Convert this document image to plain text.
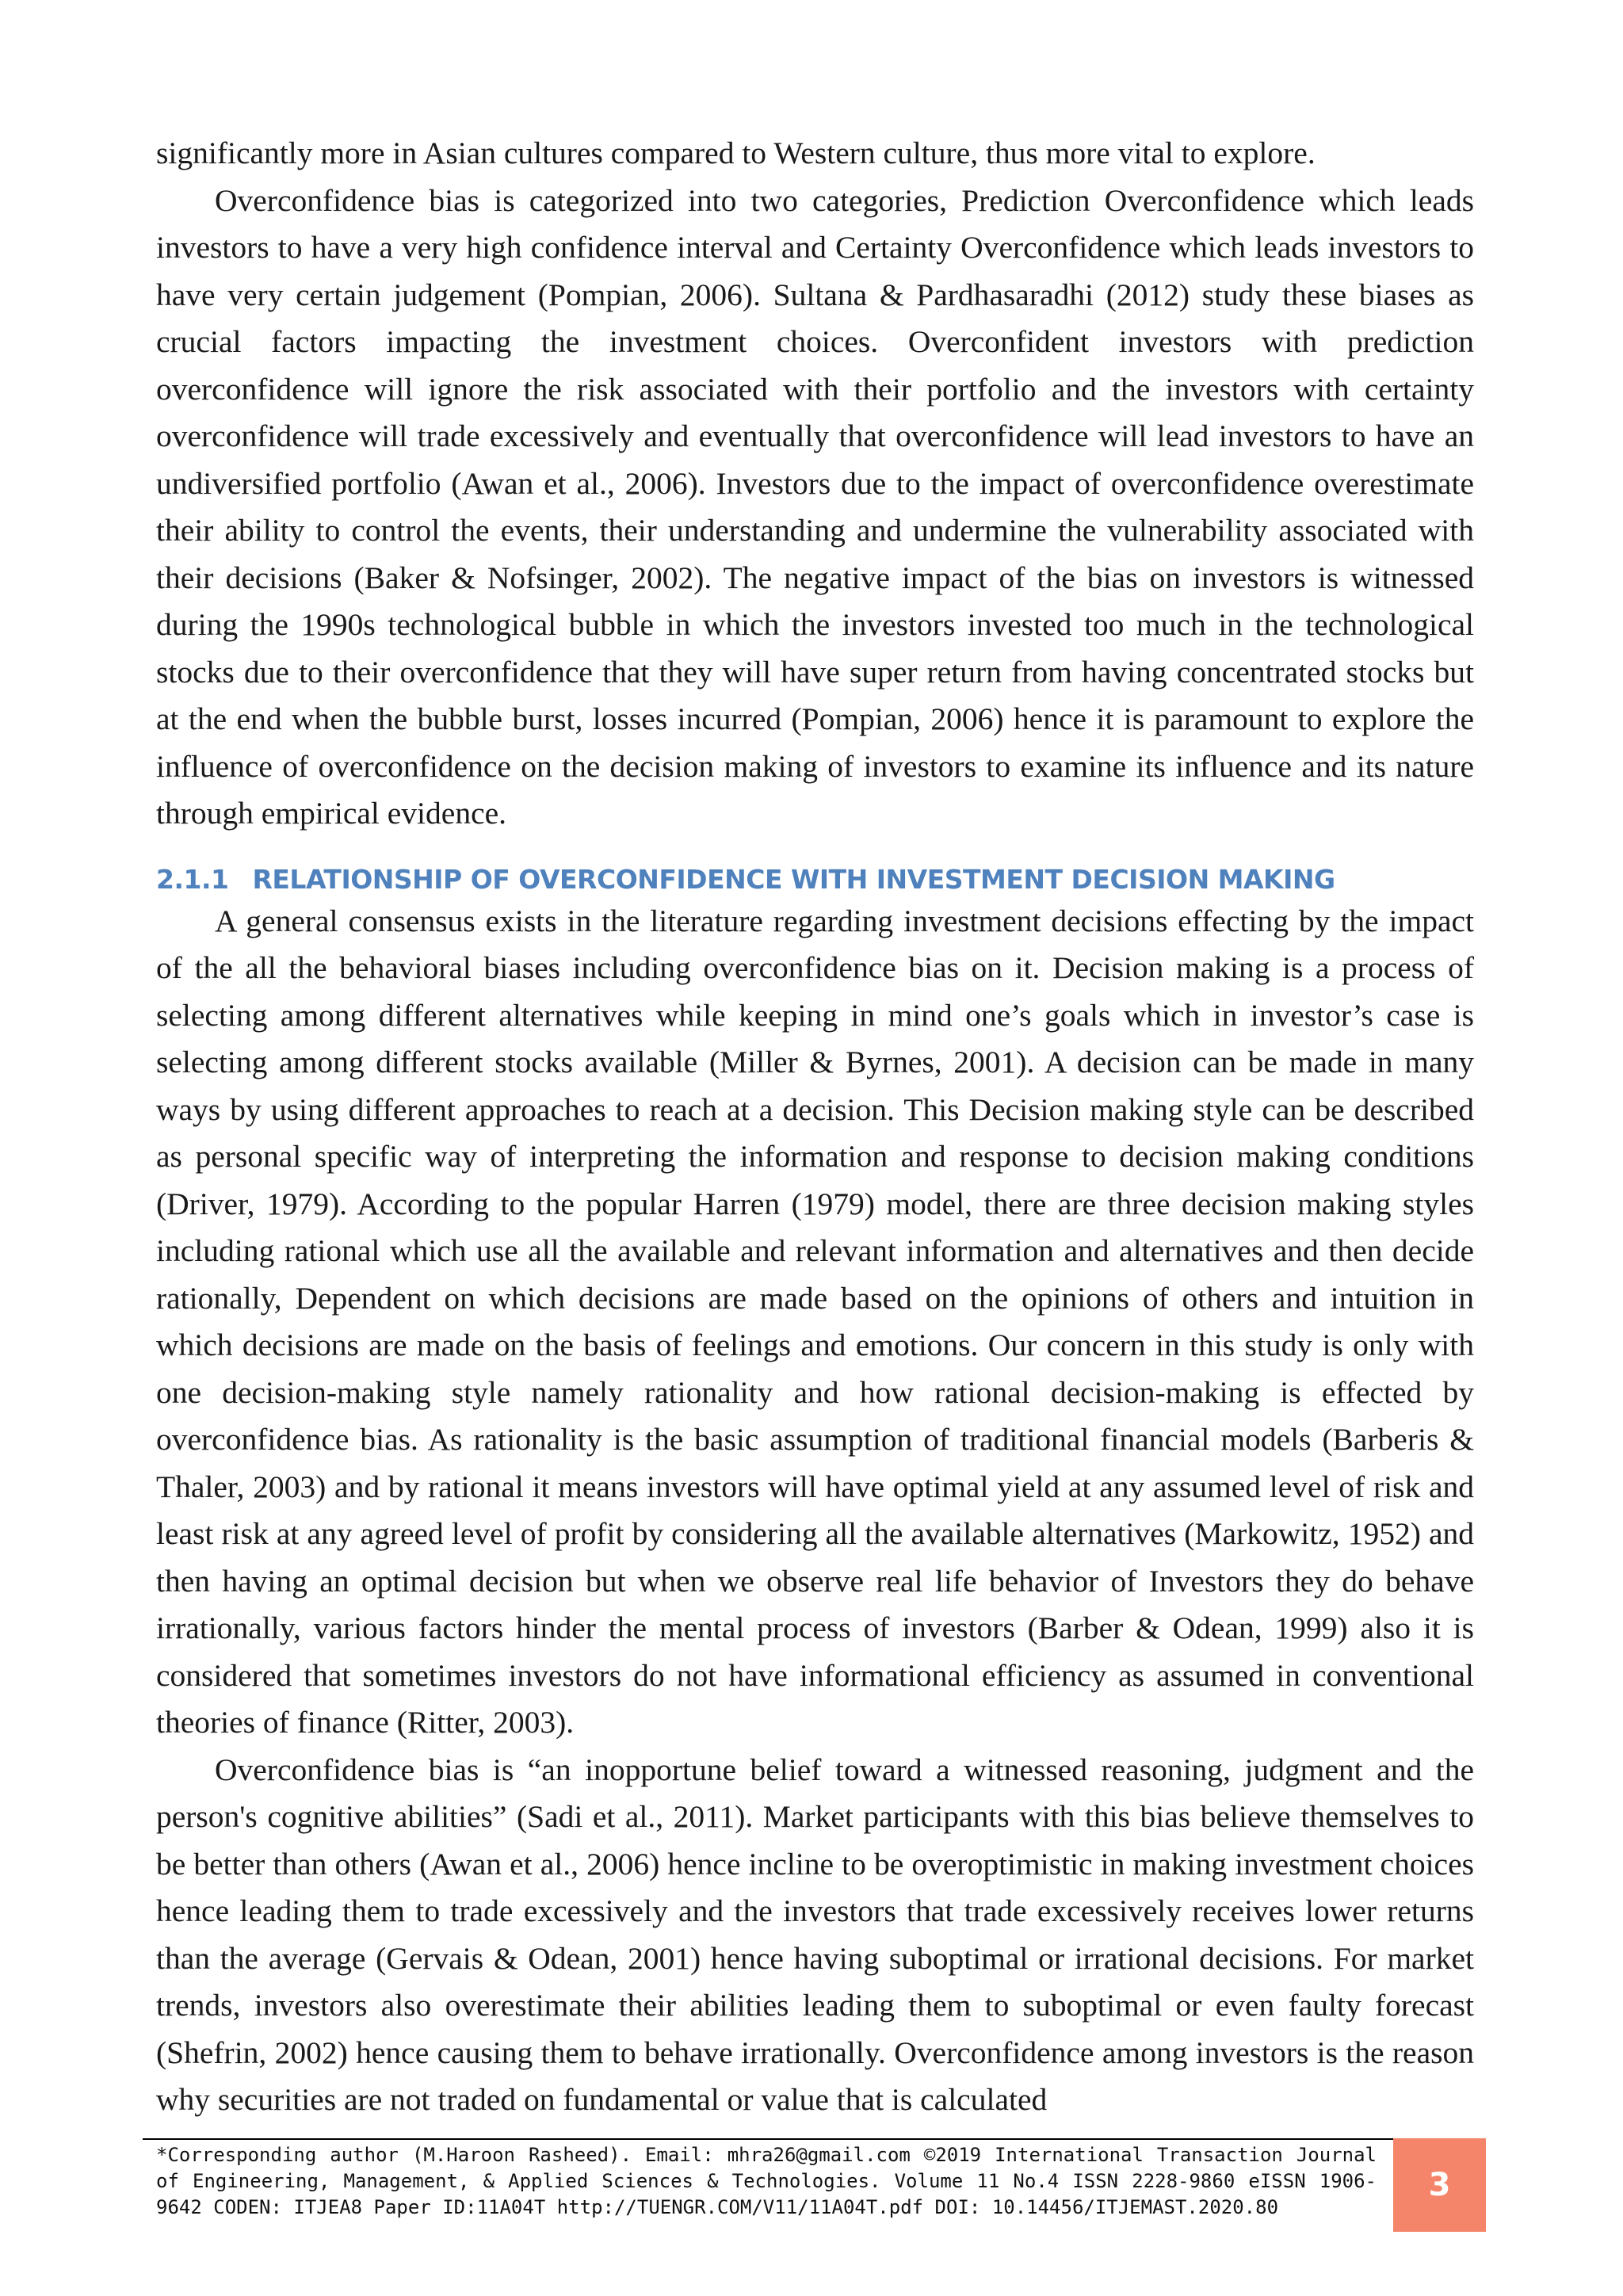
significantly more in Asian cultures compared to Western culture, thus more vital to explore.

Overconfidence bias is categorized into two categories, Prediction Overconfidence which leads investors to have a very high confidence interval and Certainty Overconfidence which leads investors to have very certain judgement (Pompian, 2006). Sultana & Pardhasaradhi (2012) study these biases as crucial factors impacting the investment choices. Overconfident investors with prediction overconfidence will ignore the risk associated with their portfolio and the investors with certainty overconfidence will trade excessively and eventually that overconfidence will lead investors to have an undiversified portfolio (Awan et al., 2006). Investors due to the impact of overconfidence overestimate their ability to control the events, their understanding and undermine the vulnerability associated with their decisions (Baker & Nofsinger, 2002). The negative impact of the bias on investors is witnessed during the 1990s technological bubble in which the investors invested too much in the technological stocks due to their overconfidence that they will have super return from having concentrated stocks but at the end when the bubble burst, losses incurred (Pompian, 2006) hence it is paramount to explore the influence of overconfidence on the decision making of investors to examine its influence and its nature through empirical evidence.

2.1.1 RELATIONSHIP OF OVERCONFIDENCE WITH INVESTMENT DECISION MAKING

A general consensus exists in the literature regarding investment decisions effecting by the impact of the all the behavioral biases including overconfidence bias on it. Decision making is a process of selecting among different alternatives while keeping in mind one’s goals which in investor’s case is selecting among different stocks available (Miller & Byrnes, 2001). A decision can be made in many ways by using different approaches to reach at a decision. This Decision making style can be described as personal specific way of interpreting the information and response to decision making conditions (Driver, 1979). According to the popular Harren (1979) model, there are three decision making styles including rational which use all the available and relevant information and alternatives and then decide rationally, Dependent on which decisions are made based on the opinions of others and intuition in which decisions are made on the basis of feelings and emotions. Our concern in this study is only with one decision-making style namely rationality and how rational decision-making is effected by overconfidence bias. As rationality is the basic assumption of traditional financial models (Barberis & Thaler, 2003) and by rational it means investors will have optimal yield at any assumed level of risk and least risk at any agreed level of profit by considering all the available alternatives (Markowitz, 1952) and then having an optimal decision but when we observe real life behavior of Investors they do behave irrationally, various factors hinder the mental process of investors (Barber & Odean, 1999) also it is considered that sometimes investors do not have informational efficiency as assumed in conventional theories of finance (Ritter, 2003).

Overconfidence bias is “an inopportune belief toward a witnessed reasoning, judgment and the person's cognitive abilities” (Sadi et al., 2011). Market participants with this bias believe themselves to be better than others (Awan et al., 2006) hence incline to be overoptimistic in making investment choices hence leading them to trade excessively and the investors that trade excessively receives lower returns than the average (Gervais & Odean, 2001) hence having suboptimal or irrational decisions. For market trends, investors also overestimate their abilities leading them to suboptimal or even faulty forecast (Shefrin, 2002) hence causing them to behave irrationally. Overconfidence among investors is the reason why securities are not traded on fundamental or value that is calculated

*Corresponding author (M.Haroon Rasheed). Email: mhra26@gmail.com ©2019 International Transaction Journal of Engineering, Management, & Applied Sciences & Technologies. Volume 11 No.4 ISSN 2228-9860 eISSN 1906-9642 CODEN: ITJEA8 Paper ID:11A04T http://TUENGR.COM/V11/11A04T.pdf DOI: 10.14456/ITJEMAST.2020.80

3
